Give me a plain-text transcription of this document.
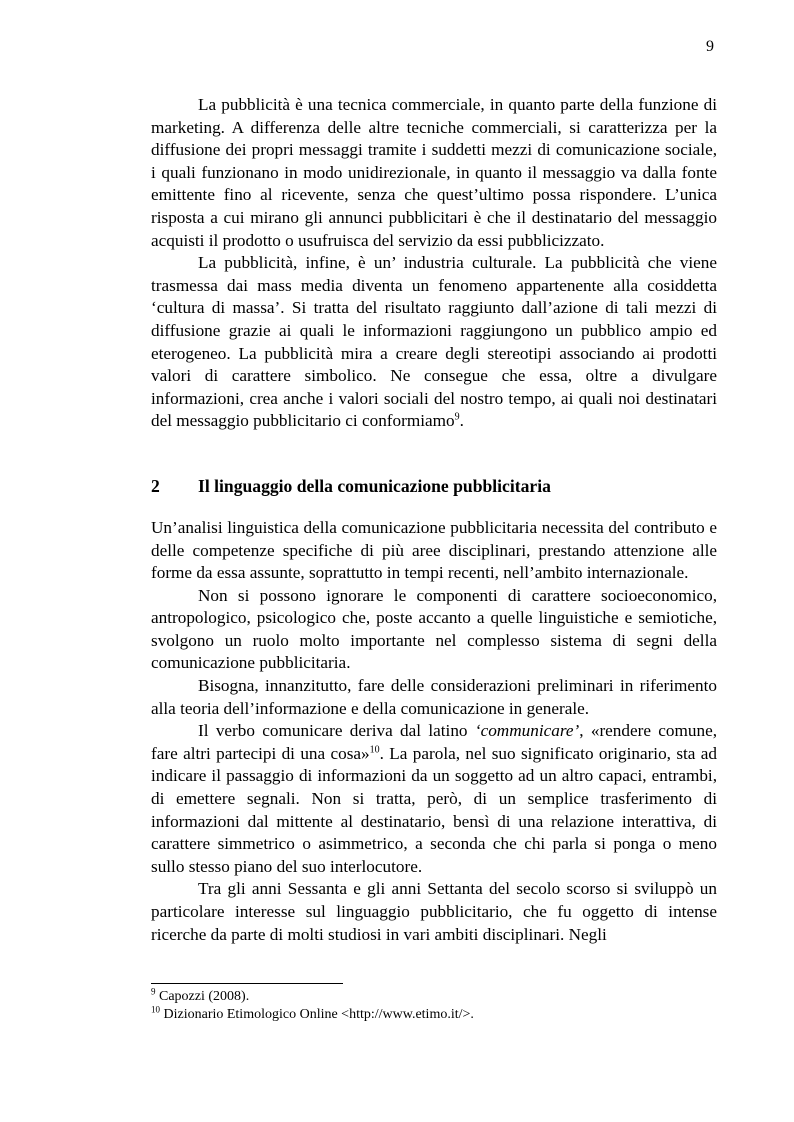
9

La pubblicità è una tecnica commerciale, in quanto parte della funzione di marketing. A differenza delle altre tecniche commerciali, si caratterizza per la diffusione dei propri messaggi tramite i suddetti mezzi di comunicazione sociale, i quali funzionano in modo unidirezionale, in quanto il messaggio va dalla fonte emittente fino al ricevente, senza che quest’ultimo possa rispondere. L’unica risposta a cui mirano gli annunci pubblicitari è che il destinatario del messaggio acquisti il prodotto o usufruisca del servizio da essi pubblicizzato.

La pubblicità, infine, è un’ industria culturale. La pubblicità che viene trasmessa dai mass media diventa un fenomeno appartenente alla cosiddetta ‘cultura di massa’. Si tratta del risultato raggiunto dall’azione di tali mezzi di diffusione grazie ai quali le informazioni raggiungono un pubblico ampio ed eterogeneo. La pubblicità mira a creare degli stereotipi associando ai prodotti valori di carattere simbolico. Ne consegue che essa, oltre a divulgare informazioni, crea anche i valori sociali del nostro tempo, ai quali noi destinatari del messaggio pubblicitario ci conformiamo$^9$.

2	Il linguaggio della comunicazione pubblicitaria

Un’analisi linguistica della comunicazione pubblicitaria necessita del contributo e delle competenze specifiche di più aree disciplinari, prestando attenzione alle forme da essa assunte, soprattutto in tempi recenti, nell’ambito internazionale.

Non si possono ignorare le componenti di carattere socioeconomico, antropologico, psicologico che, poste accanto a quelle linguistiche e semiotiche, svolgono un ruolo molto importante nel complesso sistema di segni della comunicazione pubblicitaria.

Bisogna, innanzitutto, fare delle considerazioni preliminari in riferimento alla teoria dell’informazione e della comunicazione in generale.

Il verbo comunicare deriva dal latino ‘communicare’, «rendere comune, fare altri partecipi di una cosa»$^{10}$. La parola, nel suo significato originario, sta ad indicare il passaggio di informazioni da un soggetto ad un altro capaci, entrambi, di emettere segnali. Non si tratta, però, di un semplice trasferimento di informazioni dal mittente al destinatario, bensì di una relazione interattiva, di carattere simmetrico o asimmetrico, a seconda che chi parla si ponga o meno sullo stesso piano del suo interlocutore.

Tra gli anni Sessanta e gli anni Settanta del secolo scorso si sviluppò un particolare interesse sul linguaggio pubblicitario, che fu oggetto di intense ricerche da parte di molti studiosi in vari ambiti disciplinari. Negli

$^9$ Capozzi (2008).

$^{10}$ Dizionario Etimologico Online <http://www.etimo.it/>.
